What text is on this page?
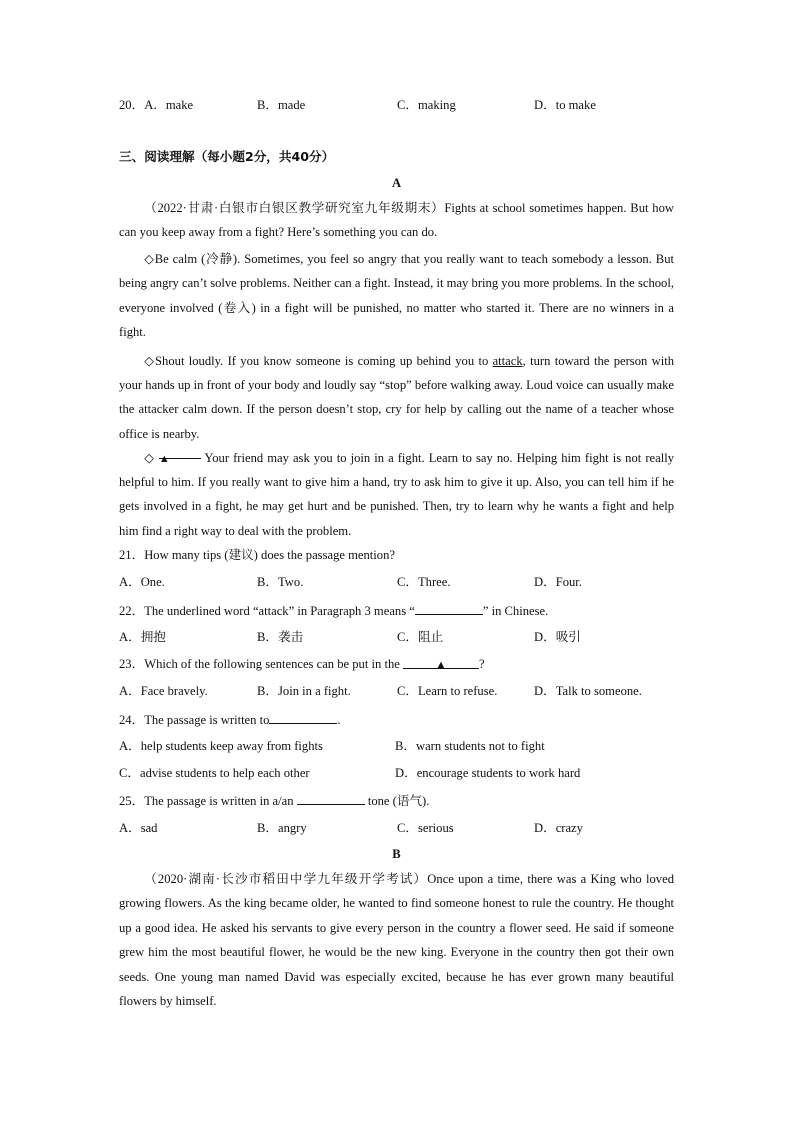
20．A．make	B．made	C．making	D．to make
三、阅读理解（每小题2分，共40分）
A

（2022·甘肃·白银市白银区教学研究室九年级期末）Fights at school sometimes happen. But how can you keep away from a fight? Here’s something you can do.

◇Be calm (冷静). Sometimes, you feel so angry that you really want to teach somebody a lesson. But being angry can’t solve problems. Neither can a fight. Instead, it may bring you more problems. In the school, everyone involved (卷入) in a fight will be punished, no matter who started it. There are no winners in a fight.

◇Shout loudly. If you know someone is coming up behind you to attack, turn toward the person with your hands up in front of your body and loudly say “stop” before walking away. Loud voice can usually make the attacker calm down. If the person doesn’t stop, cry for help by calling out the name of a teacher whose office is nearby.

◇ ▲ Your friend may ask you to join in a fight. Learn to say no. Helping him fight is not really helpful to him. If you really want to give him a hand, try to ask him to give it up. Also, you can tell him if he gets involved in a fight, he may get hurt and be punished. Then, try to learn why he wants a fight and help him find a right way to deal with the problem.

21．How many tips (建议) does the passage mention?
A．One.	B．Two.	C．Three.	D．Four.
22．The underlined word “attack” in Paragraph 3 means “	” in Chinese.
A．拥抱	B．袭击	C．阻止	D．吸引
23．Which of the following sentences can be put in the	▲	?
A．Face bravely.	B．Join in a fight.	C．Learn to refuse.	D．Talk to someone.
24．The passage is written to	.
A．help students keep away from fights	B．warn students not to fight
C．advise students to help each other	D．encourage students to work hard
25．The passage is written in a/an	tone (语气).
A．sad	B．angry	C．serious	D．crazy
B

（2020·湖南·长沙市稻田中学九年级开学考试）Once upon a time, there was a King who loved growing flowers. As the king became older, he wanted to find someone honest to rule the country. He thought up a good idea. He asked his servants to give every person in the country a flower seed. He said if someone grew him the most beautiful flower, he would be the new king. Everyone in the country then got their own seeds. One young man named David was especially excited, because he has ever grown many beautiful flowers by himself.
